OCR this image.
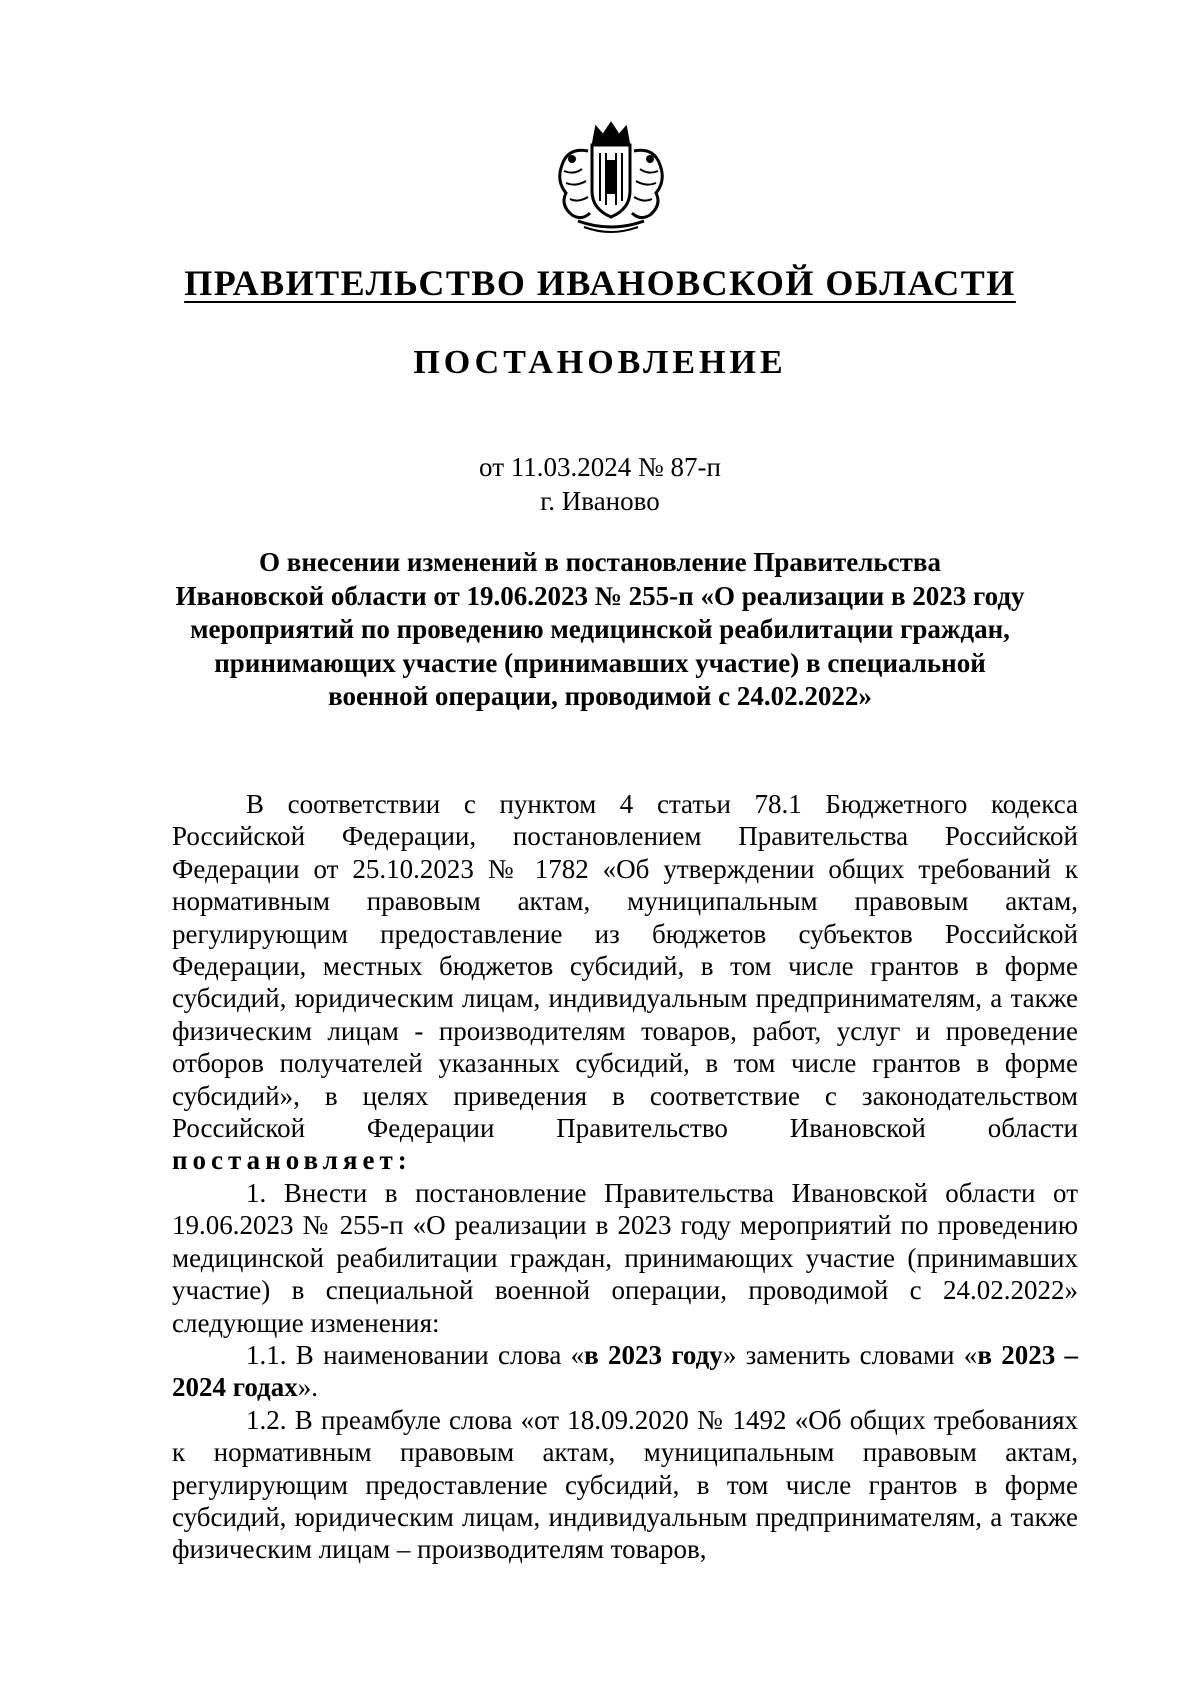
ПРАВИТЕЛЬСТВО ИВАНОВСКОЙ ОБЛАСТИ
ПОСТАНОВЛЕНИЕ
от 11.03.2024 № 87-п
г. Иваново
О внесении изменений в постановление Правительства
Ивановской области от 19.06.2023 № 255-п «О реализации в 2023 году
мероприятий по проведению медицинской реабилитации граждан,
принимающих участие (принимавших участие) в специальной
военной операции, проводимой с 24.02.2022»

В соответствии с пунктом 4 статьи 78.1 Бюджетного кодекса Российской Федерации, постановлением Правительства Российской Федерации от 25.10.2023 № 1782 «Об утверждении общих требований к нормативным правовым актам, муниципальным правовым актам, регулирующим предоставление из бюджетов субъектов Российской Федерации, местных бюджетов субсидий, в том числе грантов в форме субсидий, юридическим лицам, индивидуальным предпринимателям, а также физическим лицам - производителям товаров, работ, услуг и проведение отборов получателей указанных субсидий, в том числе грантов в форме субсидий», в целях приведения в соответствие с законодательством Российской Федерации Правительство Ивановской области постановляет:

1. Внести в постановление Правительства Ивановской области от 19.06.2023 № 255-п «О реализации в 2023 году мероприятий по проведению медицинской реабилитации граждан, принимающих участие (принимавших участие) в специальной военной операции, проводимой с 24.02.2022» следующие изменения:

1.1. В наименовании слова «в 2023 году» заменить словами «в 2023 – 2024 годах».

1.2. В преамбуле слова «от 18.09.2020 № 1492 «Об общих требованиях к нормативным правовым актам, муниципальным правовым актам, регулирующим предоставление субсидий, в том числе грантов в форме субсидий, юридическим лицам, индивидуальным предпринимателям, а также физическим лицам – производителям товаров,
